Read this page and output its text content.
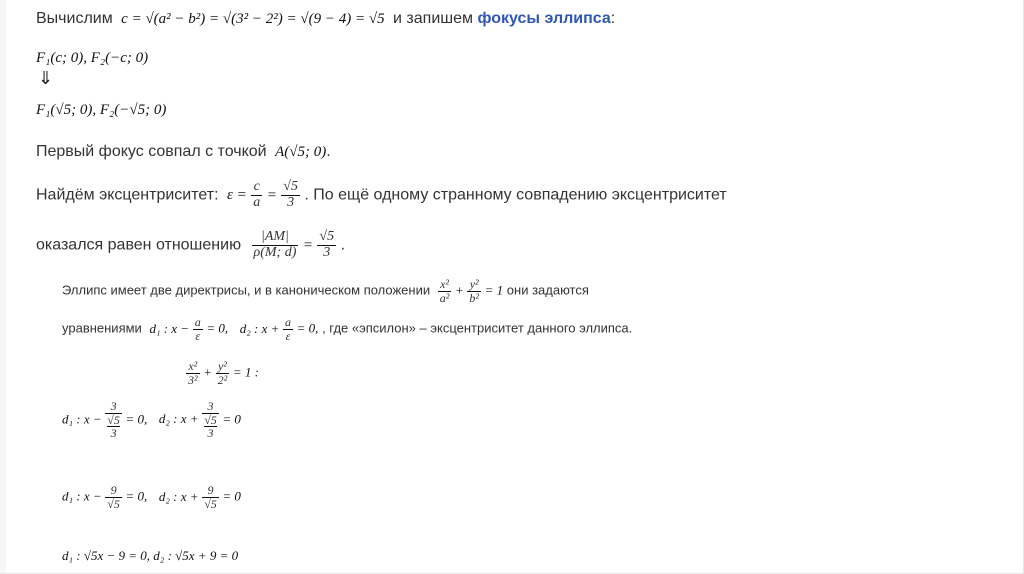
Вычислим c = √(a² − b²) = √(3² − 2²) = √(9 − 4) = √5 и запишем фокусы эллипса:
F₁(c; 0), F₂(−c; 0)
⇓
F₁(√5; 0), F₂(−√5; 0)
Первый фокус совпал с точкой A(√5; 0).
Найдём эксцентриситет: $\varepsilon = \frac{c}{a} = \frac{√5}{3}$ . По ещё одному странному совпадению эксцентриситет
оказался равен отношению $\frac{|AM|}{\rho(M; d)} = \frac{√5}{3}$ .
Эллипс имеет две директрисы, и в каноническом положении $\frac{\text{x²}}{\text{a²}} + \frac{\text{y²}}{\text{b²}} = 1$ они задаются
уравнениями d₁ : $x - \frac{a}{\varepsilon} = 0$, d₂ : $x + \frac{a}{\varepsilon} = 0$, , где «эпсилон» – эксцентриситет данного эллипса.
$\frac{\text{x²}}{\text{3²}} + \frac{\text{y²}}{\text{2²}} = 1$ :
d₁ : x − 3
√5
3 = 0, d₂ : x + 3
√5
3 = 0
d₁ : $x - \frac{9}{√5} = 0$, d₂ : $x + \frac{9}{√5} = 0$
d₁ : √5x − 9 = 0, d₂ : √5x + 9 = 0
